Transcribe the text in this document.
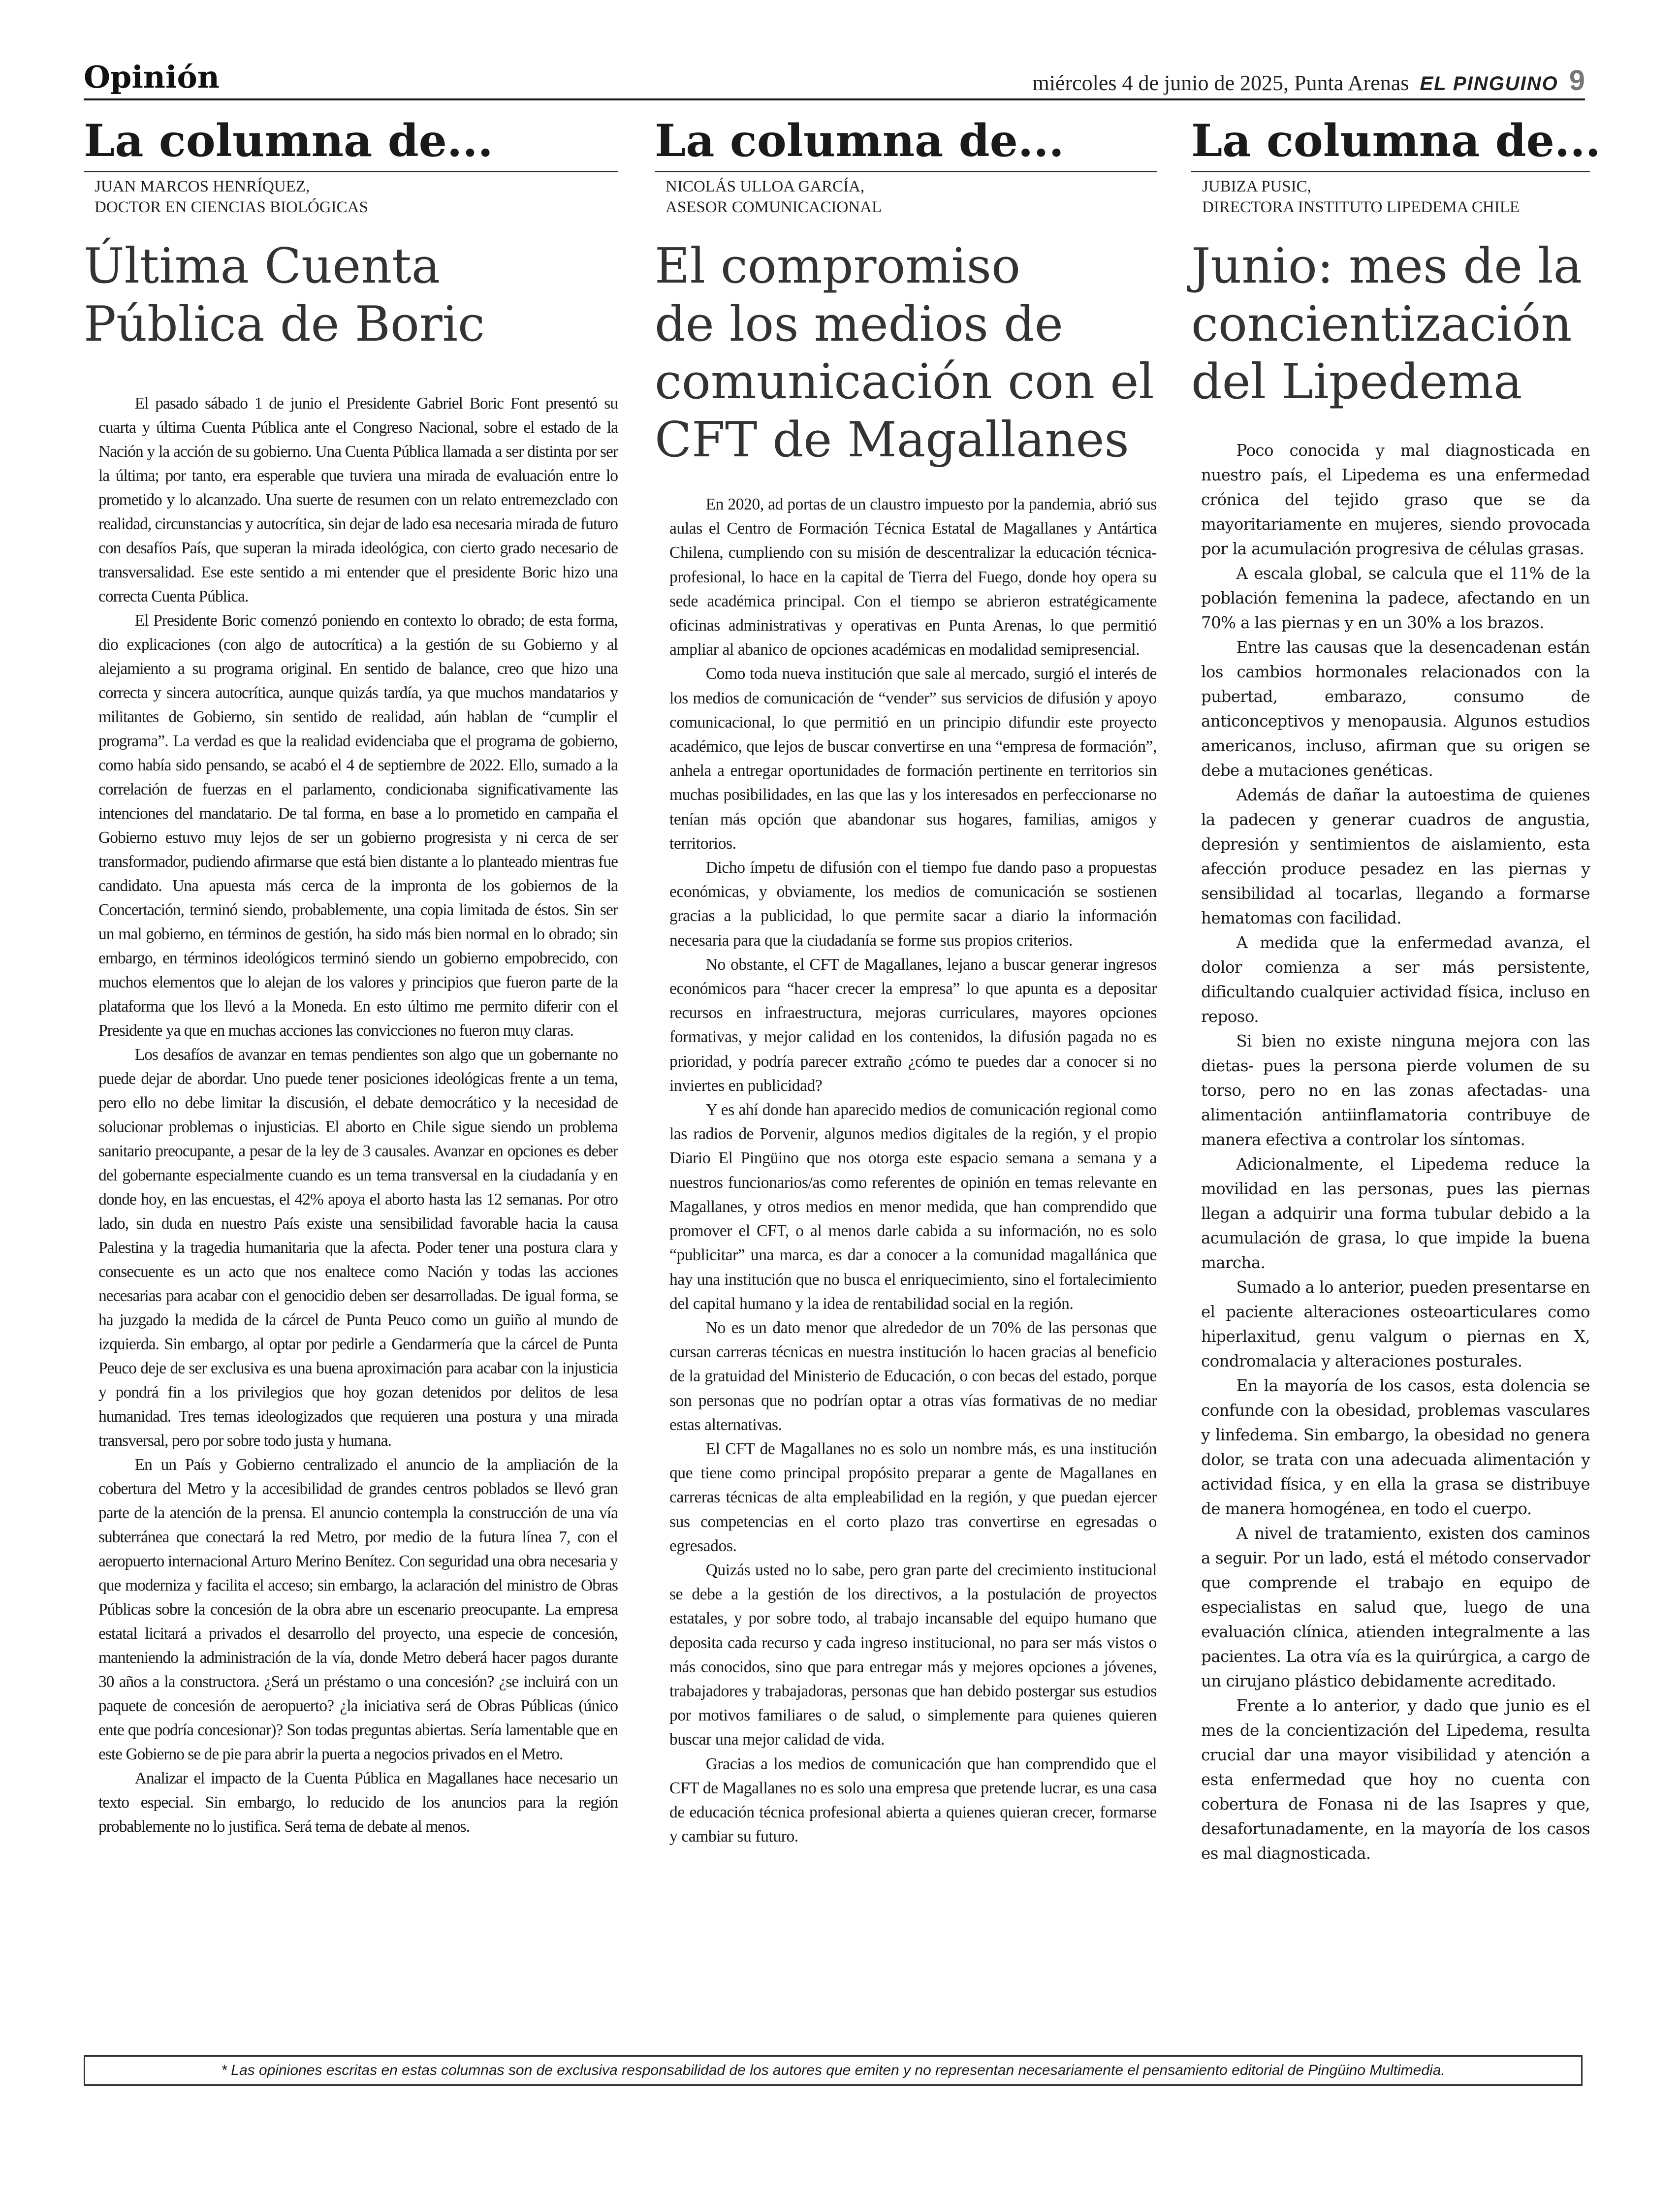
Opinión	miércoles 4 de junio de 2025, Punta Arenas EL PINGUINO 9
La columna de...
JUAN MARCOS HENRÍQUEZ,
DOCTOR EN CIENCIAS BIOLÓGICAS
Última Cuenta
Pública de Boric

El pasado sábado 1 de junio el Presidente Gabriel Boric Font presentó su cuarta y última Cuenta Pública ante el Congreso Nacional, sobre el estado de la Nación y la acción de su gobierno. Una Cuenta Pública llamada a ser distinta por ser la última; por tanto, era esperable que tuviera una mirada de evaluación entre lo prometido y lo alcanzado. Una suerte de resumen con un relato entremezclado con realidad, circunstancias y autocrítica, sin dejar de lado esa necesaria mirada de futuro con desafíos País, que superan la mirada ideológica, con cierto grado necesario de transversalidad. Ese este sentido a mi entender que el presidente Boric hizo una correcta Cuenta Pública.

El Presidente Boric comenzó poniendo en contexto lo obrado; de esta forma, dio explicaciones (con algo de autocrítica) a la gestión de su Gobierno y al alejamiento a su programa original. En sentido de balance, creo que hizo una correcta y sincera autocrítica, aunque quizás tardía, ya que muchos mandatarios y militantes de Gobierno, sin sentido de realidad, aún hablan de “cumplir el programa”. La verdad es que la realidad evidenciaba que el programa de gobierno, como había sido pensando, se acabó el 4 de septiembre de 2022. Ello, sumado a la correlación de fuerzas en el parlamento, condicionaba significativamente las intenciones del mandatario. De tal forma, en base a lo prometido en campaña el Gobierno estuvo muy lejos de ser un gobierno progresista y ni cerca de ser transformador, pudiendo afirmarse que está bien distante a lo planteado mientras fue candidato. Una apuesta más cerca de la impronta de los gobiernos de la Concertación, terminó siendo, probablemente, una copia limitada de éstos. Sin ser un mal gobierno, en términos de gestión, ha sido más bien normal en lo obrado; sin embargo, en términos ideológicos terminó siendo un gobierno empobrecido, con muchos elementos que lo alejan de los valores y principios que fueron parte de la plataforma que los llevó a la Moneda. En esto último me permito diferir con el Presidente ya que en muchas acciones las convicciones no fueron muy claras.

Los desafíos de avanzar en temas pendientes son algo que un gobernante no puede dejar de abordar. Uno puede tener posiciones ideológicas frente a un tema, pero ello no debe limitar la discusión, el debate democrático y la necesidad de solucionar problemas o injusticias. El aborto en Chile sigue siendo un problema sanitario preocupante, a pesar de la ley de 3 causales. Avanzar en opciones es deber del gobernante especialmente cuando es un tema transversal en la ciudadanía y en donde hoy, en las encuestas, el 42% apoya el aborto hasta las 12 semanas. Por otro lado, sin duda en nuestro País existe una sensibilidad favorable hacia la causa Palestina y la tragedia humanitaria que la afecta. Poder tener una postura clara y consecuente es un acto que nos enaltece como Nación y todas las acciones necesarias para acabar con el genocidio deben ser desarrolladas. De igual forma, se ha juzgado la medida de la cárcel de Punta Peuco como un guiño al mundo de izquierda. Sin embargo, al optar por pedirle a Gendarmería que la cárcel de Punta Peuco deje de ser exclusiva es una buena aproximación para acabar con la injusticia y pondrá fin a los privilegios que hoy gozan detenidos por delitos de lesa humanidad. Tres temas ideologizados que requieren una postura y una mirada transversal, pero por sobre todo justa y humana.

En un País y Gobierno centralizado el anuncio de la ampliación de la cobertura del Metro y la accesibilidad de grandes centros poblados se llevó gran parte de la atención de la prensa. El anuncio contempla la construcción de una vía subterránea que conectará la red Metro, por medio de la futura línea 7, con el aeropuerto internacional Arturo Merino Benítez. Con seguridad una obra necesaria y que moderniza y facilita el acceso; sin embargo, la aclaración del ministro de Obras Públicas sobre la concesión de la obra abre un escenario preocupante. La empresa estatal licitará a privados el desarrollo del proyecto, una especie de concesión, manteniendo la administración de la vía, donde Metro deberá hacer pagos durante 30 años a la constructora. ¿Será un préstamo o una concesión? ¿se incluirá con un paquete de concesión de aeropuerto? ¿la iniciativa será de Obras Públicas (único ente que podría concesionar)? Son todas preguntas abiertas. Sería lamentable que en este Gobierno se de pie para abrir la puerta a negocios privados en el Metro.

Analizar el impacto de la Cuenta Pública en Magallanes hace necesario un texto especial. Sin embargo, lo reducido de los anuncios para la región probablemente no lo justifica. Será tema de debate al menos.

La columna de...
NICOLÁS ULLOA GARCÍA,
ASESOR COMUNICACIONAL
El compromiso
de los medios de
comunicación con el
CFT de Magallanes

En 2020, ad portas de un claustro impuesto por la pandemia, abrió sus aulas el Centro de Formación Técnica Estatal de Magallanes y Antártica Chilena, cumpliendo con su misión de descentralizar la educación técnica-profesional, lo hace en la capital de Tierra del Fuego, donde hoy opera su sede académica principal. Con el tiempo se abrieron estratégicamente oficinas administrativas y operativas en Punta Arenas, lo que permitió ampliar al abanico de opciones académicas en modalidad semipresencial.

Como toda nueva institución que sale al mercado, surgió el interés de los medios de comunicación de “vender” sus servicios de difusión y apoyo comunicacional, lo que permitió en un principio difundir este proyecto académico, que lejos de buscar convertirse en una “empresa de formación”, anhela a entregar oportunidades de formación pertinente en territorios sin muchas posibilidades, en las que las y los interesados en perfeccionarse no tenían más opción que abandonar sus hogares, familias, amigos y territorios.

Dicho ímpetu de difusión con el tiempo fue dando paso a propuestas económicas, y obviamente, los medios de comunicación se sostienen gracias a la publicidad, lo que permite sacar a diario la información necesaria para que la ciudadanía se forme sus propios criterios.

No obstante, el CFT de Magallanes, lejano a buscar generar ingresos económicos para “hacer crecer la empresa” lo que apunta es a depositar recursos en infraestructura, mejoras curriculares, mayores opciones formativas, y mejor calidad en los contenidos, la difusión pagada no es prioridad, y podría parecer extraño ¿cómo te puedes dar a conocer si no inviertes en publicidad?

Y es ahí donde han aparecido medios de comunicación regional como las radios de Porvenir, algunos medios digitales de la región, y el propio Diario El Pingüino que nos otorga este espacio semana a semana y a nuestros funcionarios/as como referentes de opinión en temas relevante en Magallanes, y otros medios en menor medida, que han comprendido que promover el CFT, o al menos darle cabida a su información, no es solo “publicitar” una marca, es dar a conocer a la comunidad magallánica que hay una institución que no busca el enriquecimiento, sino el fortalecimiento del capital humano y la idea de rentabilidad social en la región.

No es un dato menor que alrededor de un 70% de las personas que cursan carreras técnicas en nuestra institución lo hacen gracias al beneficio de la gratuidad del Ministerio de Educación, o con becas del estado, porque son personas que no podrían optar a otras vías formativas de no mediar estas alternativas.

El CFT de Magallanes no es solo un nombre más, es una institución que tiene como principal propósito preparar a gente de Magallanes en carreras técnicas de alta empleabilidad en la región, y que puedan ejercer sus competencias en el corto plazo tras convertirse en egresadas o egresados.

Quizás usted no lo sabe, pero gran parte del crecimiento institucional se debe a la gestión de los directivos, a la postulación de proyectos estatales, y por sobre todo, al trabajo incansable del equipo humano que deposita cada recurso y cada ingreso institucional, no para ser más vistos o más conocidos, sino que para entregar más y mejores opciones a jóvenes, trabajadores y trabajadoras, personas que han debido postergar sus estudios por motivos familiares o de salud, o simplemente para quienes quieren buscar una mejor calidad de vida.

Gracias a los medios de comunicación que han comprendido que el CFT de Magallanes no es solo una empresa que pretende lucrar, es una casa de educación técnica profesional abierta a quienes quieran crecer, formarse y cambiar su futuro.

La columna de...
JUBIZA PUSIC,
DIRECTORA INSTITUTO LIPEDEMA CHILE
Junio: mes de la
concientización
del Lipedema

Poco conocida y mal diagnosticada en nuestro país, el Lipedema es una enfermedad crónica del tejido graso que se da mayoritariamente en mujeres, siendo provocada por la acumulación progresiva de células grasas.

A escala global, se calcula que el 11% de la población femenina la padece, afectando en un 70% a las piernas y en un 30% a los brazos.

Entre las causas que la desencadenan están los cambios hormonales relacionados con la pubertad, embarazo, consumo de anticonceptivos y menopausia. Algunos estudios americanos, incluso, afirman que su origen se debe a mutaciones genéticas.

Además de dañar la autoestima de quienes la padecen y generar cuadros de angustia, depresión y sentimientos de aislamiento, esta afección produce pesadez en las piernas y sensibilidad al tocarlas, llegando a formarse hematomas con facilidad.

A medida que la enfermedad avanza, el dolor comienza a ser más persistente, dificultando cualquier actividad física, incluso en reposo.

Si bien no existe ninguna mejora con las dietas- pues la persona pierde volumen de su torso, pero no en las zonas afectadas- una alimentación antiinflamatoria contribuye de manera efectiva a controlar los síntomas.

Adicionalmente, el Lipedema reduce la movilidad en las personas, pues las piernas llegan a adquirir una forma tubular debido a la acumulación de grasa, lo que impide la buena marcha.

Sumado a lo anterior, pueden presentarse en el paciente alteraciones osteoarticulares como hiperlaxitud, genu valgum o piernas en X, condromalacia y alteraciones posturales.

En la mayoría de los casos, esta dolencia se confunde con la obesidad, problemas vasculares y linfedema. Sin embargo, la obesidad no genera dolor, se trata con una adecuada alimentación y actividad física, y en ella la grasa se distribuye de manera homogénea, en todo el cuerpo.

A nivel de tratamiento, existen dos caminos a seguir. Por un lado, está el método conservador que comprende el trabajo en equipo de especialistas en salud que, luego de una evaluación clínica, atienden integralmente a las pacientes. La otra vía es la quirúrgica, a cargo de un cirujano plástico debidamente acreditado.

Frente a lo anterior, y dado que junio es el mes de la concientización del Lipedema, resulta crucial dar una mayor visibilidad y atención a esta enfermedad que hoy no cuenta con cobertura de Fonasa ni de las Isapres y que, desafortunadamente, en la mayoría de los casos es mal diagnosticada.

* Las opiniones escritas en estas columnas son de exclusiva responsabilidad de los autores que emiten y no representan necesariamente el pensamiento editorial de Pingüino Multimedia.
